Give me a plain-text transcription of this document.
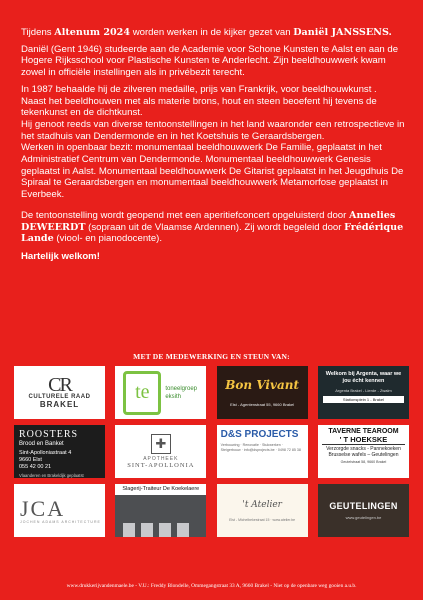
Tijdens Altenum 2024 worden werken in de kijker gezet van Daniël JANSSENS.

Daniël (Gent 1946) studeerde aan de Academie voor Schone Kunsten te Aalst en aan de Hogere Rijksschool voor Plastische Kunsten te Anderlecht. Zijn beeldhouwwerk kwam zowel in officiële instellingen als in privébezit terecht.

In 1987 behaalde hij de zilveren medaille, prijs van Frankrijk, voor beeldhouwkunst .

Naast het beeldhouwen met als materie brons, hout en steen beoefent hij tevens de tekenkunst en de dichtkunst.

Hij genoot reeds van diverse tentoonstellingen in het land waaronder een retrospectieve in het stadhuis van Dendermonde en in het Koetshuis te Geraardsbergen.

Werken in openbaar bezit: monumentaal beeldhouwwerk De Familie, geplaatst in het Administratief Centrum van Dendermonde. Monumentaal beeldhouwwerk Genesis geplaatst in Aalst. Monumentaal beeldhouwwerk De Gitarist geplaatst in het Jeugdhuis De Spiraal te Geraardsbergen en monumentaal beeldhouwwerk Metamorfose geplaatst in Everbeek.

De tentoonstelling wordt geopend met een aperitiefconcert opgeluisterd door Annelies DEWEERDT (sopraan uit de Vlaamse Ardennen). Zij wordt begeleid door Frédérique Lande (viool- en pianodocente).

Hartelijk welkom!

MET DE MEDEWERKING EN STEUN VAN:
CR
CULTURELE RAAD
BRAKEL
te	toneelgroep
eksith
Bon Vivant
Elst - Agentenstraat 55, 9660 Brakel
Welkom bij Argenta, waar we jou écht kennen
Argenta Brakel - Lierde - Zwalm
Stationsplein 1 - Brakel
ROOSTERS
Brood en Banket
Sint-Apolloniastraat 4
9660 Elst
055 42 00 21
Vlaanderen en Brakeldijk geplaatst
✚
APOTHEEK
SINT-APOLLONIA
D&S PROJECTS
Verbouwing · Renovatie · Stukwerken · Steigerbouw · info@dsprojects.be · 0498 72 85 38
TAVERNE TEAROOM
' T HOEKSKE
Verzorgde snacks - Pannekoeken
Brusselse wafels – Geutelingen
Geutelstraat 58, 9660 Brakel
JCA
JOCHEN ADAMS ARCHITECTURE
Slagerij-Traiteur De Koekelaere
't Atelier
Elst - Michelbekestraat 15 · www.atelier.be
GEUTELINGEN
www.geutelingen.be
www.drukkerijvandenmaele.be - V.U.: Freddy Blondelle, Ommegangstraat 33 A, 9660 Brakel - Niet op de openbare weg gooien a.u.b.
